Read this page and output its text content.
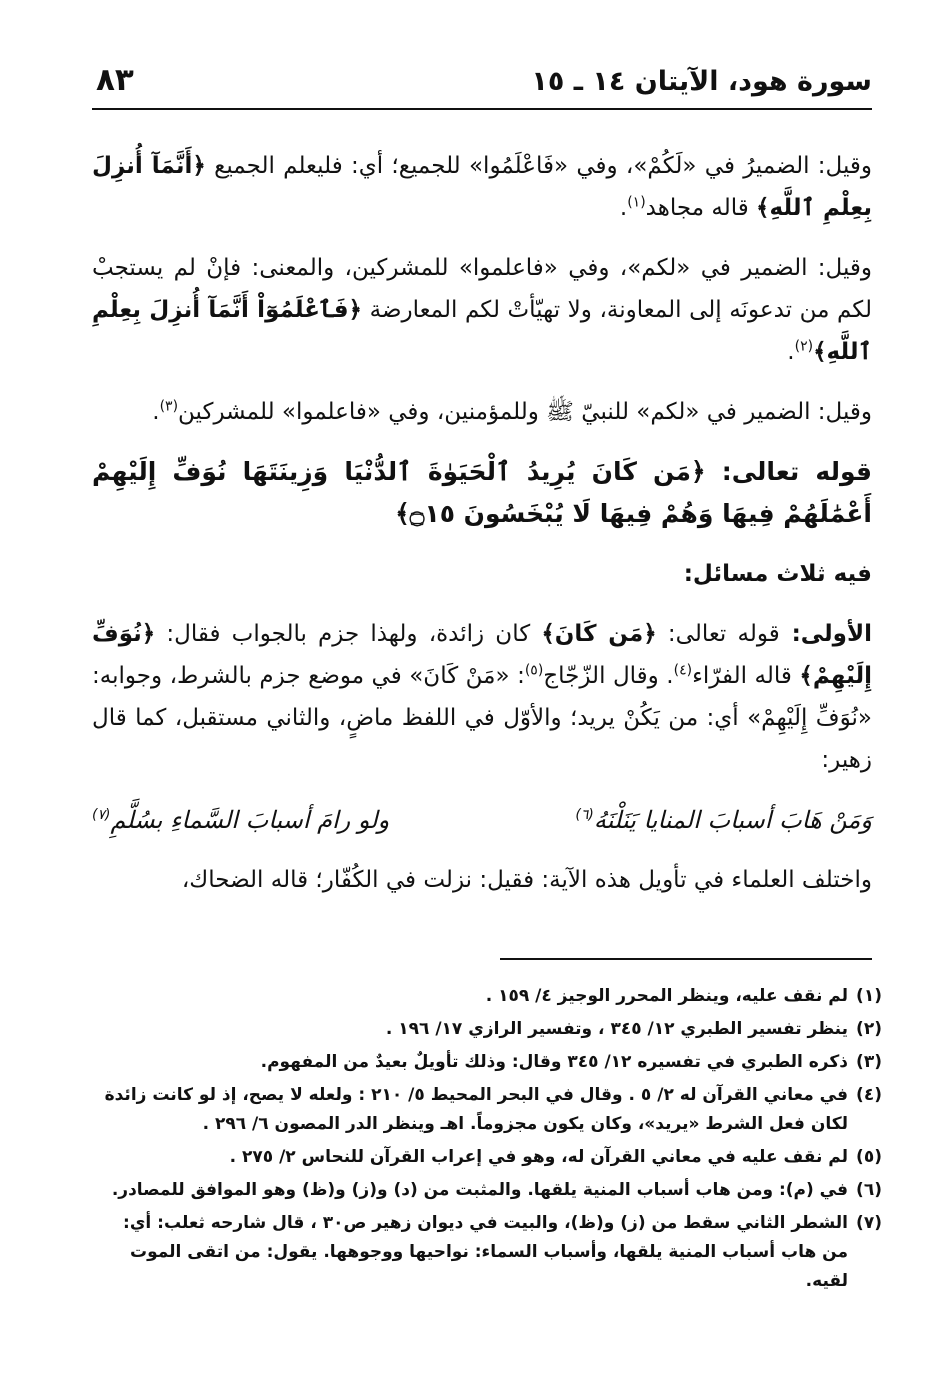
سورة هود، الآيتان ١٤ ـ ١٥
٨٣

وقيل: الضميرُ في «لَكُمْ»، وفي «فَاعْلَمُوا» للجميع؛ أي: فليعلم الجميع ﴿أَنَّمَآ أُنزِلَ بِعِلْمِ ٱللَّهِ﴾ قاله مجاهد$^{(١)}$.

وقيل: الضمير في «لكم»، وفي «فاعلموا» للمشركين، والمعنى: فإنْ لم يستجبْ لكم من تدعونَه إلى المعاونة، ولا تهيّأتْ لكم المعارضة ﴿فَٱعْلَمُوٓاْ أَنَّمَآ أُنزِلَ بِعِلْمِ ٱللَّهِ﴾$^{(٢)}$.

وقيل: الضمير في «لكم» للنبيّ ﷺ وللمؤمنين، وفي «فاعلموا» للمشركين$^{(٣)}$.

قوله تعالى: ﴿مَن كَانَ يُرِيدُ ٱلْحَيَوٰةَ ٱلدُّنْيَا وَزِينَتَهَا نُوَفِّ إِلَيْهِمْ أَعْمَٰلَهُمْ فِيهَا وَهُمْ فِيهَا لَا يُبْخَسُونَ ۝١٥﴾

فيه ثلاث مسائل:

الأولى: قوله تعالى: ﴿مَن كَانَ﴾ كان زائدة، ولهذا جزم بالجواب فقال: ﴿نُوَفِّ إِلَيْهِمْ﴾ قاله الفرّاء$^{(٤)}$. وقال الزّجّاج$^{(٥)}$: «مَنْ كَانَ» في موضع جزم بالشرط، وجوابه: «نُوَفِّ إِلَيْهِمْ» أي: من يَكُنْ يريد؛ والأوّل في اللفظ ماضٍ، والثاني مستقبل، كما قال زهير:

وَمَنْ هَابَ أسبابَ المنايا يَنَلْنَهُ$^{(٦)}$
ولو رامَ أسبابَ السَّماءِ بسُلَّمِ$^{(٧)}$

واختلف العلماء في تأويل هذه الآية: فقيل: نزلت في الكُفّار؛ قاله الضحاك،

(١)
لم نقف عليه، وينظر المحرر الوجيز ٤/ ١٥٩ .
(٢)
ينظر تفسير الطبري ١٢/ ٣٤٥ ، وتفسير الرازي ١٧/ ١٩٦ .
(٣)
ذكره الطبري في تفسيره ١٢/ ٣٤٥ وقال: وذلك تأويلٌ بعيدٌ من المفهوم.
(٤)
في معاني القرآن له ٢/ ٥ . وقال في البحر المحيط ٥/ ٢١٠ : ولعله لا يصح، إذ لو كانت زائدة لكان فعل الشرط «يريد»، وكان يكون مجزوماً. اهـ وينظر الدر المصون ٦/ ٢٩٦ .
(٥)
لم نقف عليه في معاني القرآن له، وهو في إعراب القرآن للنحاس ٢/ ٢٧٥ .
(٦)
في (م): ومن هاب أسباب المنية يلقها. والمثبت من (د) و(ز) و(ظ) وهو الموافق للمصادر.
(٧)
الشطر الثاني سقط من (ز) و(ظ)، والبيت في ديوان زهير ص٣٠ ، قال شارحه ثعلب: أي: من هاب أسباب المنية يلقها، وأسباب السماء: نواحيها ووجوهها. يقول: من اتقى الموت لقيه.
